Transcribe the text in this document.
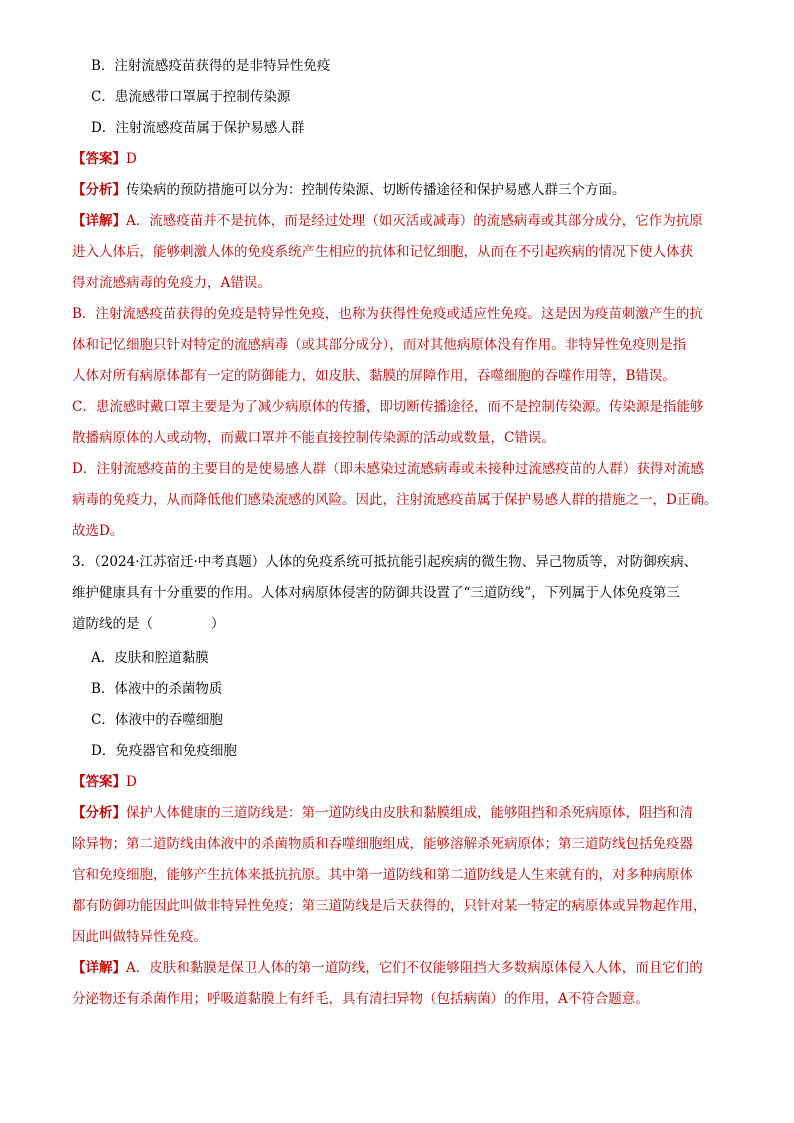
B．注射流感疫苗获得的是非特异性免疫
C．患流感带口罩属于控制传染源
D．注射流感疫苗属于保护易感人群
【答案】D
【分析】传染病的预防措施可以分为：控制传染源、切断传播途径和保护易感人群三个方面。
【详解】A．流感疫苗并不是抗体，而是经过处理（如灭活或减毒）的流感病毒或其部分成分，它作为抗原
进入人体后，能够刺激人体的免疫系统产生相应的抗体和记忆细胞，从而在不引起疾病的情况下使人体获
得对流感病毒的免疫力，A错误。
B．注射流感疫苗获得的免疫是特异性免疫，也称为获得性免疫或适应性免疫。这是因为疫苗刺激产生的抗
体和记忆细胞只针对特定的流感病毒（或其部分成分），而对其他病原体没有作用。非特异性免疫则是指
人体对所有病原体都有一定的防御能力，如皮肤、黏膜的屏障作用，吞噬细胞的吞噬作用等，B错误。
C．患流感时戴口罩主要是为了减少病原体的传播，即切断传播途径，而不是控制传染源。传染源是指能够
散播病原体的人或动物，而戴口罩并不能直接控制传染源的活动或数量，C错误。
D．注射流感疫苗的主要目的是使易感人群（即未感染过流感病毒或未接种过流感疫苗的人群）获得对流感
病毒的免疫力，从而降低他们感染流感的风险。因此，注射流感疫苗属于保护易感人群的措施之一，D正确。
故选D。
3．（2024·江苏宿迁·中考真题）人体的免疫系统可抵抗能引起疾病的微生物、异己物质等，对防御疾病、
维护健康具有十分重要的作用。人体对病原体侵害的防御共设置了“三道防线”，下列属于人体免疫第三
道防线的是（	）
A．皮肤和腔道黏膜
B．体液中的杀菌物质
C．体液中的吞噬细胞
D．免疫器官和免疫细胞
【答案】D
【分析】保护人体健康的三道防线是：第一道防线由皮肤和黏膜组成，能够阻挡和杀死病原体，阻挡和清
除异物；第二道防线由体液中的杀菌物质和吞噬细胞组成，能够溶解杀死病原体；第三道防线包括免疫器
官和免疫细胞，能够产生抗体来抵抗抗原。其中第一道防线和第二道防线是人生来就有的，对多种病原体
都有防御功能因此叫做非特异性免疫；第三道防线是后天获得的，只针对某一特定的病原体或异物起作用，
因此叫做特异性免疫。
【详解】A．皮肤和黏膜是保卫人体的第一道防线，它们不仅能够阻挡大多数病原体侵入人体，而且它们的
分泌物还有杀菌作用；呼吸道黏膜上有纤毛，具有清扫异物（包括病菌）的作用，A不符合题意。
